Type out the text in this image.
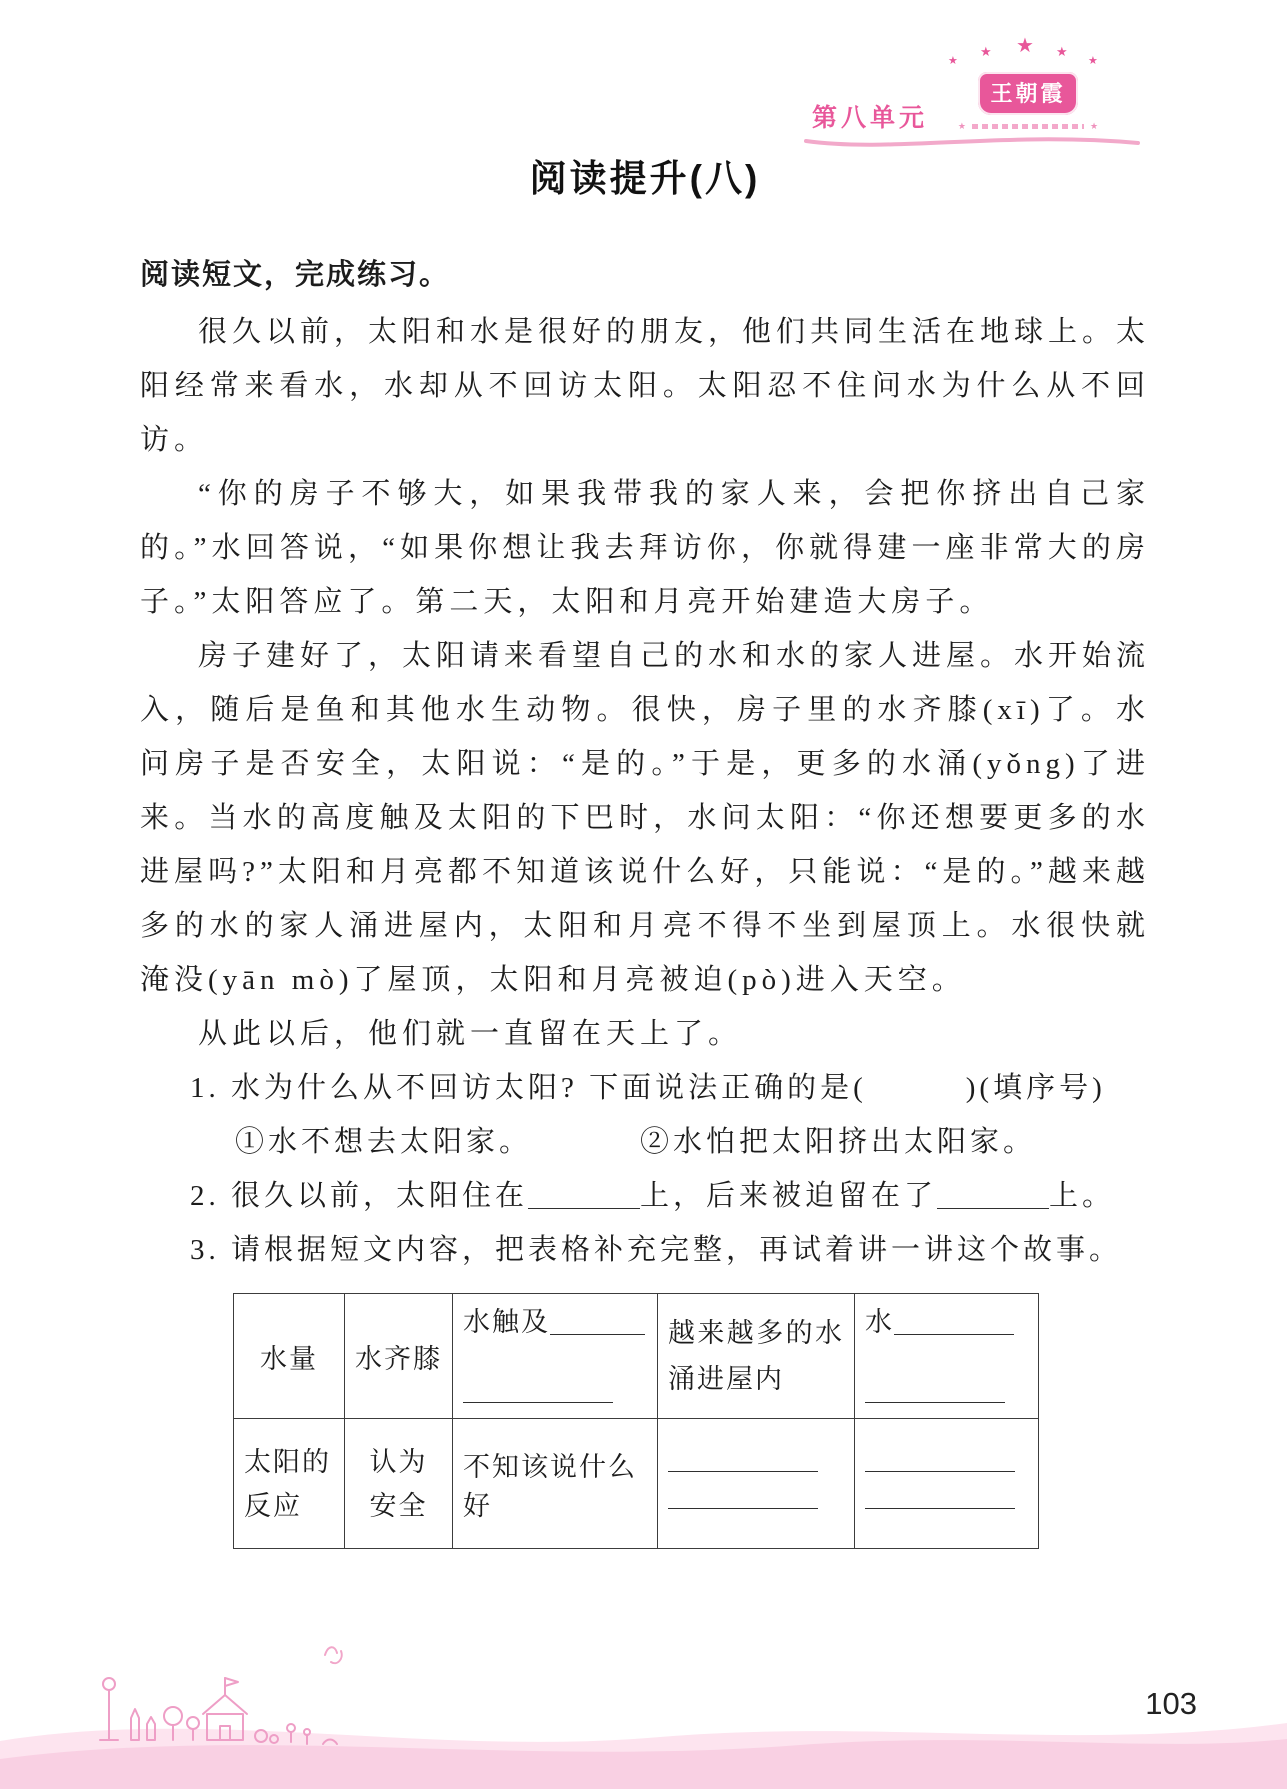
第八单元
★
★ ★ ★
★
王朝霞
★	★
阅读提升(八)
阅读短文，完成练习。

很久以前，太阳和水是很好的朋友，他们共同生活在地球上。太阳经常来看水，水却从不回访太阳。太阳忍不住问水为什么从不回访。

“你的房子不够大，如果我带我的家人来，会把你挤出自己家的。”水回答说，“如果你想让我去拜访你，你就得建一座非常大的房子。”太阳答应了。第二天，太阳和月亮开始建造大房子。

房子建好了，太阳请来看望自己的水和水的家人进屋。水开始流入，随后是鱼和其他水生动物。很快，房子里的水齐膝(xī)了。水问房子是否安全，太阳说：“是的。”于是，更多的水涌(yǒng)了进来。当水的高度触及太阳的下巴时，水问太阳：“你还想要更多的水进屋吗?”太阳和月亮都不知道该说什么好，只能说：“是的。”越来越多的水的家人涌进屋内，太阳和月亮不得不坐到屋顶上。水很快就淹没(yān mò)了屋顶，太阳和月亮被迫(pò)进入天空。

从此以后，他们就一直留在天上了。

1. 水为什么从不回访太阳? 下面说法正确的是(　　　)(填序号)
①水不想去太阳家。	②水怕把太阳挤出太阳家。
2. 很久以前，太阳住在	上，后来被迫留在了	上。
3. 请根据短文内容，把表格补充完整，再试着讲一讲这个故事。
水量	水齐膝	水触及	越来越多的水涌进屋内	水

太阳的反应	认为安全	不知该说什么好	

103
